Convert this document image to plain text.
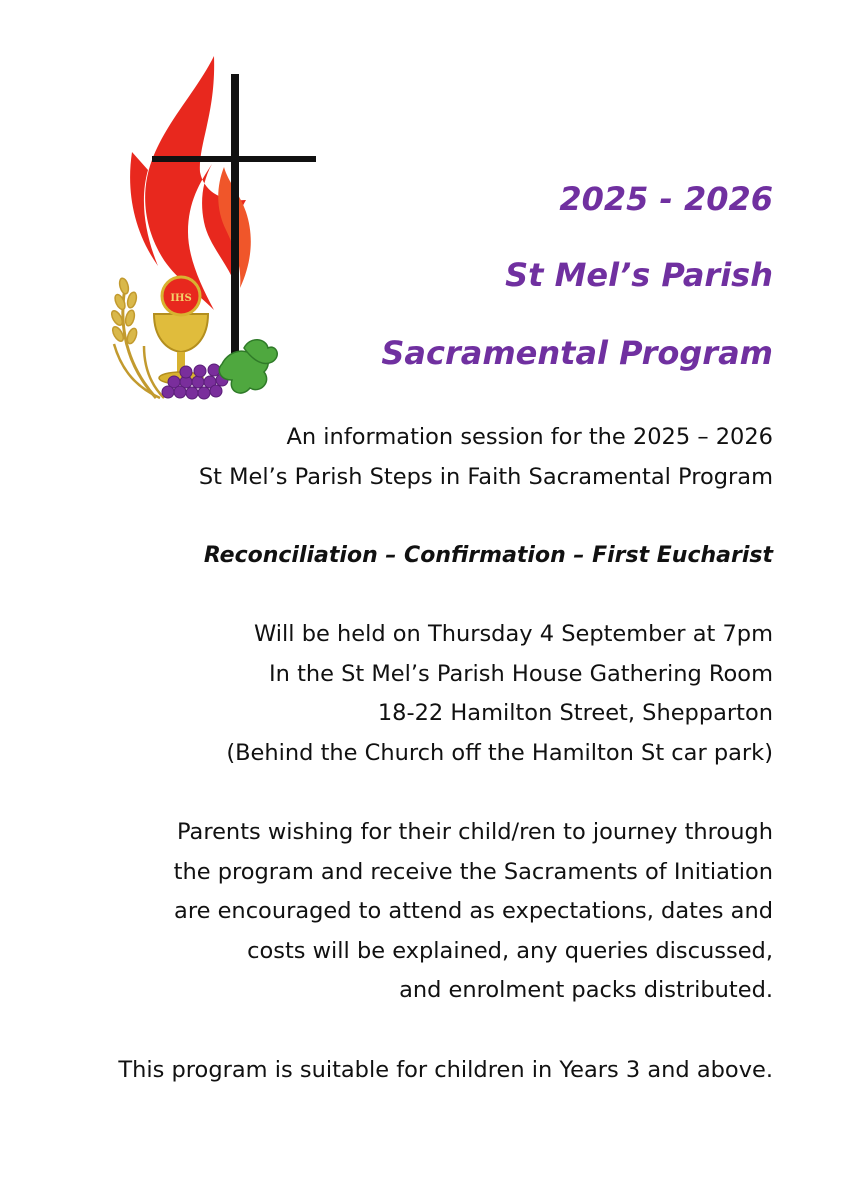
IHS
2025 - 2026
St Mel’s Parish
Sacramental Program
An information session for the 2025 – 2026
St Mel’s Parish Steps in Faith Sacramental Program
Reconciliation – Confirmation – First Eucharist
Will be held on Thursday 4 September at 7pm
In the St Mel’s Parish House Gathering Room
18-22 Hamilton Street, Shepparton
(Behind the Church off the Hamilton St car park)
Parents wishing for their child/ren to journey through
the program and receive the Sacraments of Initiation
are encouraged to attend as expectations, dates and
costs will be explained, any queries discussed,
and enrolment packs distributed.
This program is suitable for children in Years 3 and above.
